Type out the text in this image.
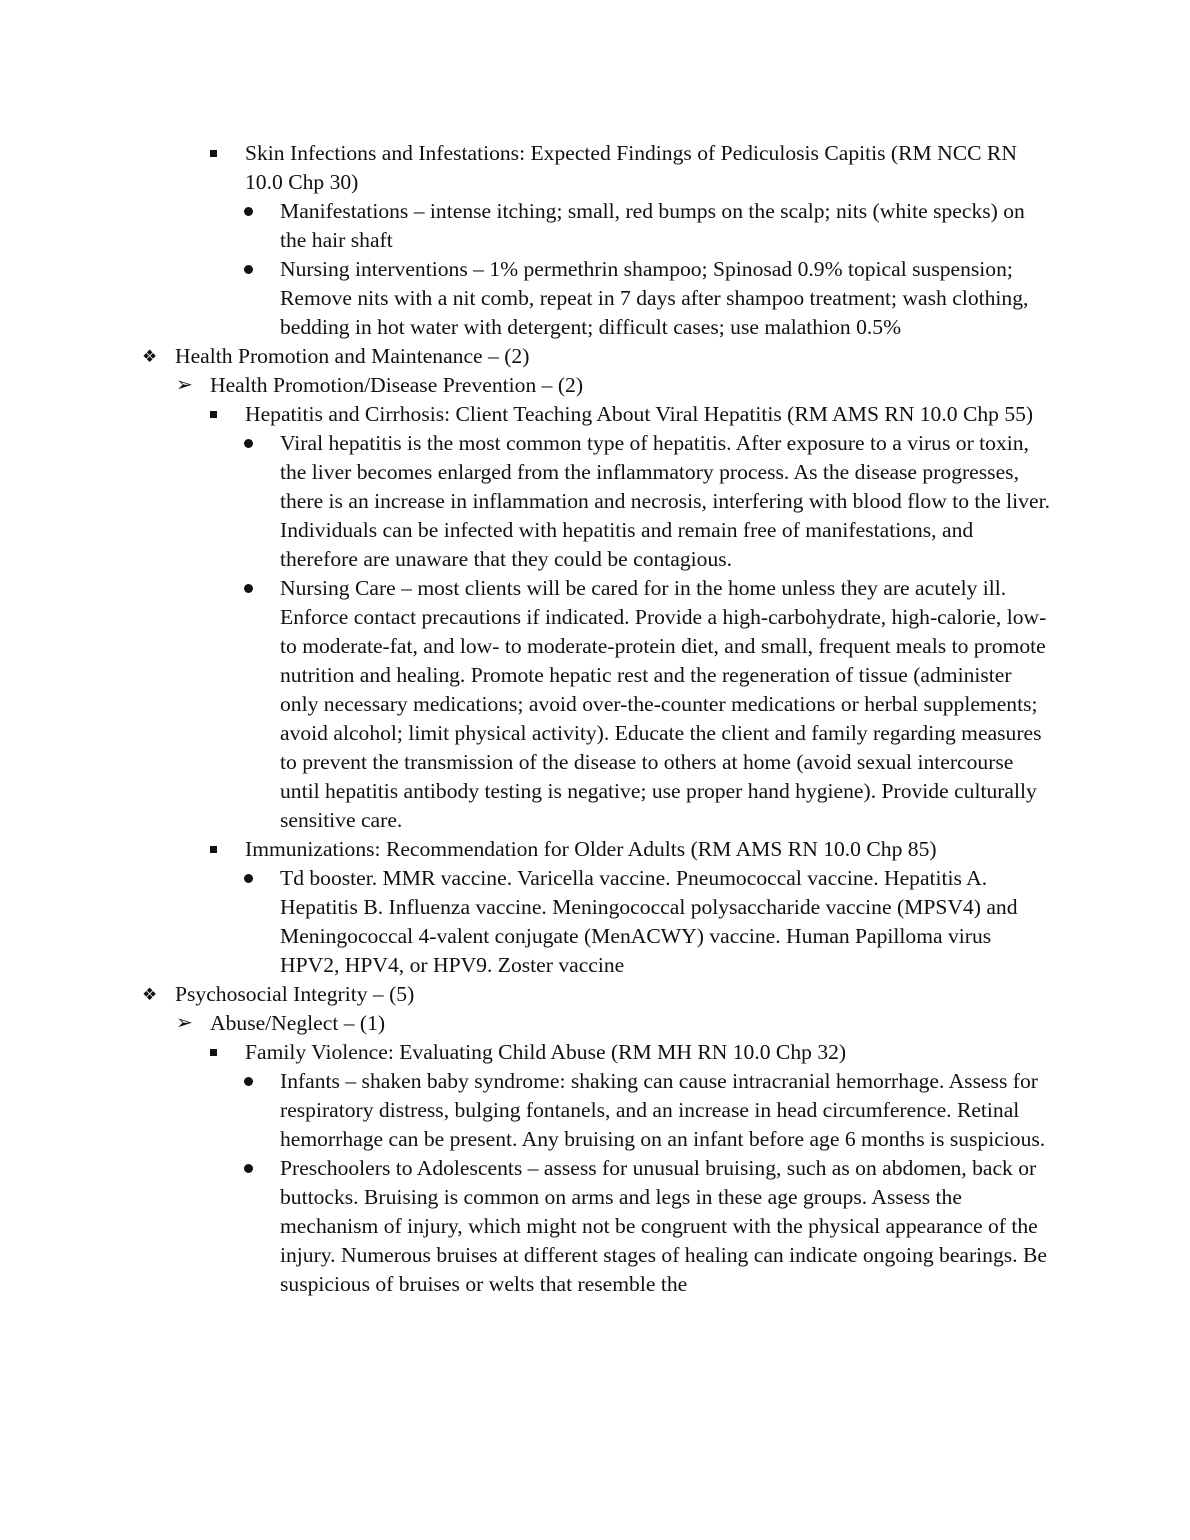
Skin Infections and Infestations: Expected Findings of Pediculosis Capitis (RM NCC RN 10.0 Chp 30)
Manifestations – intense itching; small, red bumps on the scalp; nits (white specks) on the hair shaft
Nursing interventions – 1% permethrin shampoo; Spinosad 0.9% topical suspension; Remove nits with a nit comb, repeat in 7 days after shampoo treatment; wash clothing, bedding in hot water with detergent; difficult cases; use malathion 0.5%
❖ Health Promotion and Maintenance – (2)
➢ Health Promotion/Disease Prevention – (2)
Hepatitis and Cirrhosis: Client Teaching About Viral Hepatitis (RM AMS RN 10.0 Chp 55)
Viral hepatitis is the most common type of hepatitis. After exposure to a virus or toxin, the liver becomes enlarged from the inflammatory process. As the disease progresses, there is an increase in inflammation and necrosis, interfering with blood flow to the liver. Individuals can be infected with hepatitis and remain free of manifestations, and therefore are unaware that they could be contagious.
Nursing Care – most clients will be cared for in the home unless they are acutely ill. Enforce contact precautions if indicated. Provide a high-carbohydrate, high-calorie, low- to moderate-fat, and low- to moderate-protein diet, and small, frequent meals to promote nutrition and healing. Promote hepatic rest and the regeneration of tissue (administer only necessary medications; avoid over-the-counter medications or herbal supplements; avoid alcohol; limit physical activity). Educate the client and family regarding measures to prevent the transmission of the disease to others at home (avoid sexual intercourse until hepatitis antibody testing is negative; use proper hand hygiene). Provide culturally sensitive care.
Immunizations: Recommendation for Older Adults (RM AMS RN 10.0 Chp 85)
Td booster. MMR vaccine. Varicella vaccine. Pneumococcal vaccine. Hepatitis A. Hepatitis B. Influenza vaccine. Meningococcal polysaccharide vaccine (MPSV4) and Meningococcal 4-valent conjugate (MenACWY) vaccine. Human Papilloma virus HPV2, HPV4, or HPV9. Zoster vaccine
❖ Psychosocial Integrity – (5)
➢ Abuse/Neglect – (1)
Family Violence: Evaluating Child Abuse (RM MH RN 10.0 Chp 32)
Infants – shaken baby syndrome: shaking can cause intracranial hemorrhage. Assess for respiratory distress, bulging fontanels, and an increase in head circumference. Retinal hemorrhage can be present. Any bruising on an infant before age 6 months is suspicious.
Preschoolers to Adolescents – assess for unusual bruising, such as on abdomen, back or buttocks. Bruising is common on arms and legs in these age groups. Assess the mechanism of injury, which might not be congruent with the physical appearance of the injury. Numerous bruises at different stages of healing can indicate ongoing bearings. Be suspicious of bruises or welts that resemble the
